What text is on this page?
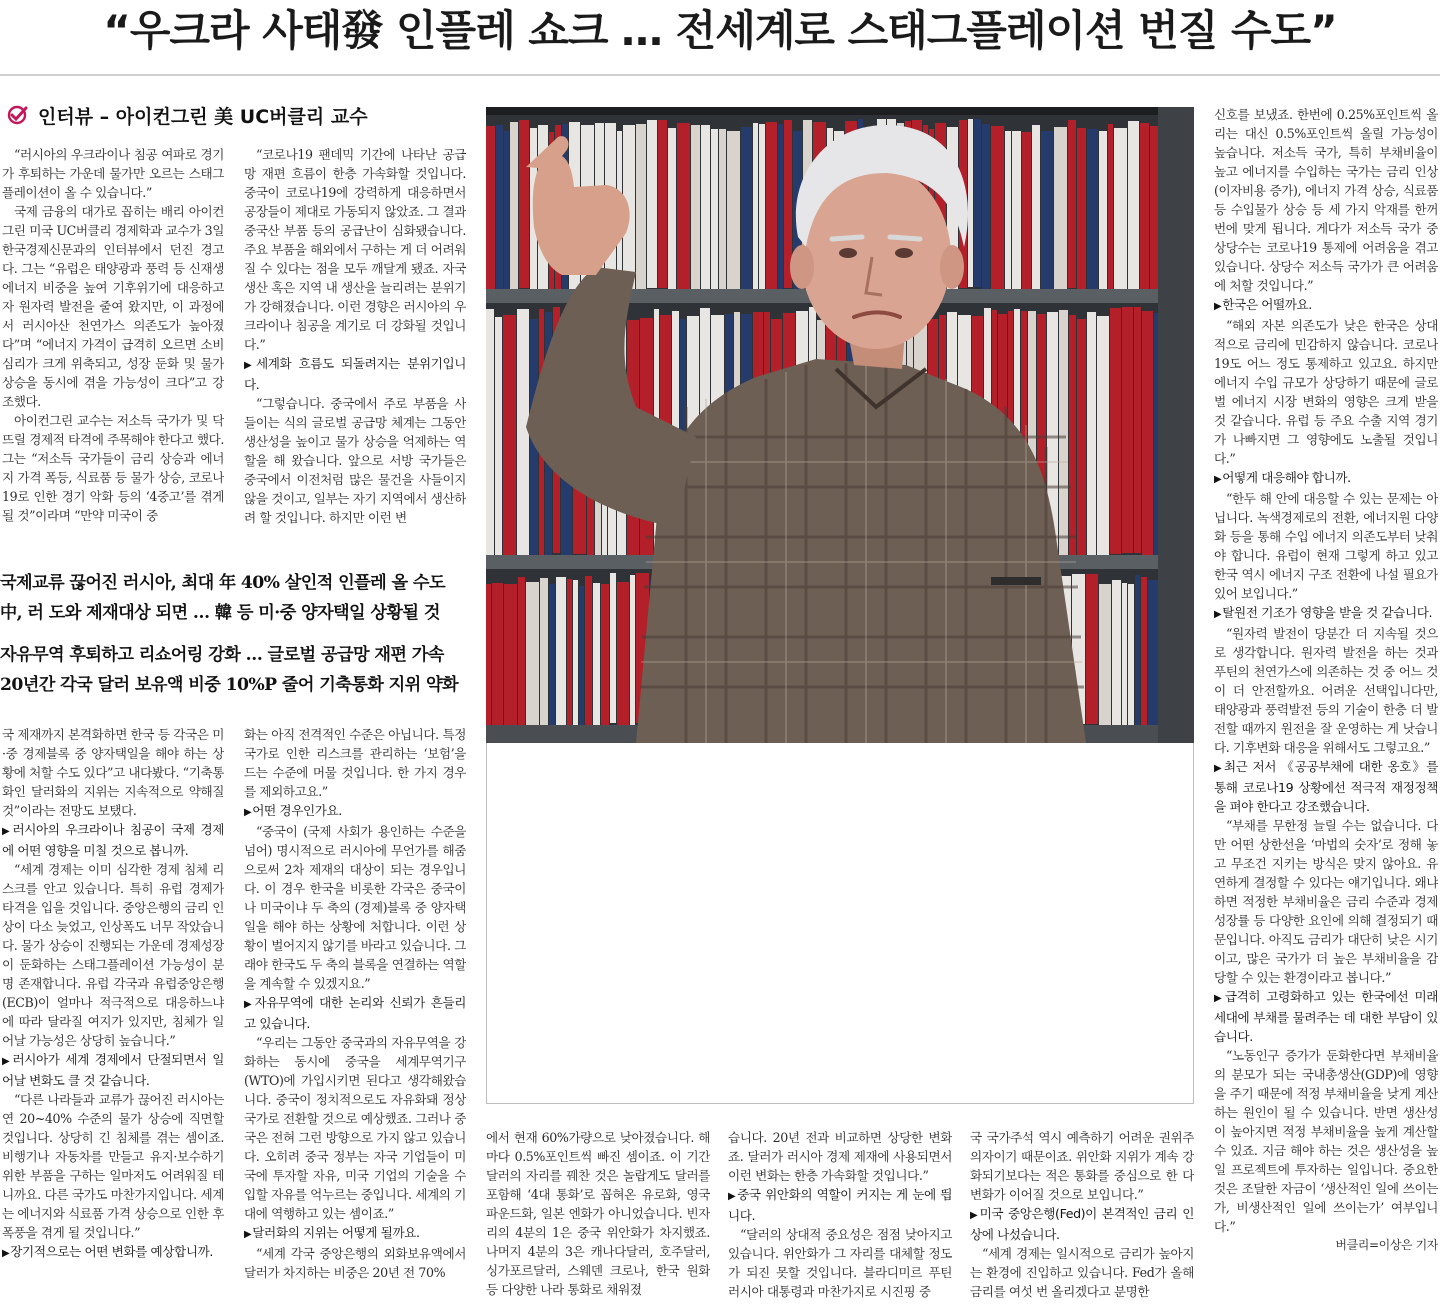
“우크라 사태發 인플레 쇼크 … 전세계로 스태그플레이션 번질 수도”
인터뷰 – 아이컨그린 美 UC버클리 교수

“러시아의 우크라이나 침공 여파로 경기가 후퇴하는 가운데 물가만 오르는 스태그플레이션이 올 수 있습니다.”

국제 금융의 대가로 꼽히는 배리 아이컨그린 미국 UC버클리 경제학과 교수가 3일 한국경제신문과의 인터뷰에서 던진 경고다. 그는 “유럽은 태양광과 풍력 등 신재생에너지 비중을 높여 기후위기에 대응하고자 원자력 발전을 줄여 왔지만, 이 과정에서 러시아산 천연가스 의존도가 높아졌다”며 “에너지 가격이 급격히 오르면 소비심리가 크게 위축되고, 성장 둔화 및 물가 상승을 동시에 겪을 가능성이 크다”고 강조했다.

아이컨그린 교수는 저소득 국가가 및 닥뜨릴 경제적 타격에 주목해야 한다고 했다. 그는 “저소득 국가들이 금리 상승과 에너지 가격 폭등, 식료품 등 물가 상승, 코로나19로 인한 경기 악화 등의 ‘4중고’를 겪게 될 것”이라며 “만약 미국이 중

“코로나19 팬데믹 기간에 나타난 공급망 재편 흐름이 한층 가속화할 것입니다. 중국이 코로나19에 강력하게 대응하면서 공장들이 제대로 가동되지 않았죠. 그 결과 중국산 부품 등의 공급난이 심화됐습니다. 주요 부품을 해외에서 구하는 게 더 어려워질 수 있다는 점을 모두 깨달게 됐죠. 자국 생산 혹은 지역 내 생산을 늘리려는 분위기가 강해졌습니다. 이런 경향은 러시아의 우크라이나 침공을 계기로 더 강화될 것입니다.”

▶ 세계화 흐름도 되돌려지는 분위기입니다.

“그렇습니다. 중국에서 주로 부품을 사들이는 식의 글로벌 공급망 체계는 그동안 생산성을 높이고 물가 상승을 억제하는 역할을 해 왔습니다. 앞으로 서방 국가들은 중국에서 이전처럼 많은 물건을 사들이지 않을 것이고, 일부는 자기 지역에서 생산하려 할 것입니다. 하지만 이런 변

국제교류 끊어진 러시아, 최대 年 40% 살인적 인플레 올 수도
中, 러 도와 제재대상 되면 … 韓 등 미·중 양자택일 상황될 것
자유무역 후퇴하고 리쇼어링 강화 … 글로벌 공급망 재편 가속
20년간 각국 달러 보유액 비중 10%P 줄어 기축통화 지위 약화

국 제재까지 본격화하면 한국 등 각국은 미·중 경제블록 중 양자택일을 해야 하는 상황에 처할 수도 있다”고 내다봤다. “기축통화인 달러화의 지위는 지속적으로 약해질 것”이라는 전망도 보탰다.

▶ 러시아의 우크라이나 침공이 국제 경제에 어떤 영향을 미칠 것으로 봅니까.

“세계 경제는 이미 심각한 경제 침체 리스크를 안고 있습니다. 특히 유럽 경제가 타격을 입을 것입니다. 중앙은행의 금리 인상이 다소 늦었고, 인상폭도 너무 작았습니다. 물가 상승이 진행되는 가운데 경제성장이 둔화하는 스태그플레이션 가능성이 분명 존재합니다. 유럽 각국과 유럽중앙은행(ECB)이 얼마나 적극적으로 대응하느냐에 따라 달라질 여지가 있지만, 침체가 일어날 가능성은 상당히 높습니다.”

▶ 러시아가 세계 경제에서 단절되면서 일어날 변화도 클 것 같습니다.

“다른 나라들과 교류가 끊어진 러시아는 연 20~40% 수준의 물가 상승에 직면할 것입니다. 상당히 긴 침체를 겪는 셈이죠. 비행기나 자동차를 만들고 유지·보수하기 위한 부품을 구하는 일마저도 어려워질 테니까요. 다른 국가도 마찬가지입니다. 세계는 에너지와 식료품 가격 상승으로 인한 후폭풍을 겪게 될 것입니다.”

▶ 장기적으로는 어떤 변화를 예상합니까.

화는 아직 전격적인 수준은 아닙니다. 특정 국가로 인한 리스크를 관리하는 ‘보험’을 드는 수준에 머물 것입니다. 한 가지 경우를 제외하고요.”

▶ 어떤 경우인가요.

“중국이 (국제 사회가 용인하는 수준을 넘어) 명시적으로 러시아에 무언가를 해줌으로써 2차 제재의 대상이 되는 경우입니다. 이 경우 한국을 비롯한 각국은 중국이나 미국이냐 두 축의 (경제)블록 중 양자택일을 해야 하는 상황에 처합니다. 이런 상황이 벌어지지 않기를 바라고 있습니다. 그래야 한국도 두 축의 블록을 연결하는 역할을 계속할 수 있겠지요.”

▶ 자유무역에 대한 논리와 신뢰가 흔들리고 있습니다.

“우리는 그동안 중국과의 자유무역을 강화하는 동시에 중국을 세계무역기구(WTO)에 가입시키면 된다고 생각해왔습니다. 중국이 정치적으로도 자유화돼 정상국가로 전환할 것으로 예상했죠. 그러나 중국은 전혀 그런 방향으로 가지 않고 있습니다. 오히려 중국 정부는 자국 기업들이 미국에 투자할 자유, 미국 기업의 기술을 수입할 자유를 억누르는 중입니다. 세계의 기대에 역행하고 있는 셈이죠.”

▶ 달러화의 지위는 어떻게 될까요.

“세계 각국 중앙은행의 외화보유액에서 달러가 차지하는 비중은 20년 전 70%

에서 현재 60%가량으로 낮아졌습니다. 해마다 0.5%포인트씩 빠진 셈이죠. 이 기간 달러의 자리를 꿰찬 것은 놀랍게도 달러를 포함해 ‘4대 통화’로 꼽혀온 유로화, 영국 파운드화, 일본 엔화가 아니었습니다. 빈자리의 4분의 1은 중국 위안화가 차지했죠. 나머지 4분의 3은 캐나다달러, 호주달러, 싱가포르달러, 스웨덴 크로나, 한국 원화 등 다양한 나라 통화로 채워졌

습니다. 20년 전과 비교하면 상당한 변화죠. 달러가 러시아 경제 제재에 사용되면서 이런 변화는 한층 가속화할 것입니다.”

▶ 중국 위안화의 역할이 커지는 게 눈에 띕니다.

“달러의 상대적 중요성은 점점 낮아지고 있습니다. 위안화가 그 자리를 대체할 정도가 되진 못할 것입니다. 블라디미르 푸틴 러시아 대통령과 마찬가지로 시진핑 중

국 국가주석 역시 예측하기 어려운 권위주의자이기 때문이죠. 위안화 지위가 계속 강화되기보다는 적은 통화를 중심으로 한 다변화가 이어질 것으로 보입니다.”

▶ 미국 중앙은행(Fed)이 본격적인 금리 인상에 나섰습니다.

“세계 경제는 일시적으로 금리가 높아지는 환경에 진입하고 있습니다. Fed가 올해 금리를 여섯 번 올리겠다고 분명한

신호를 보냈죠. 한번에 0.25%포인트씩 올리는 대신 0.5%포인트씩 올릴 가능성이 높습니다. 저소득 국가, 특히 부채비율이 높고 에너지를 수입하는 국가는 금리 인상(이자비용 증가), 에너지 가격 상승, 식료품 등 수입물가 상승 등 세 가지 악재를 한꺼번에 맞게 됩니다. 게다가 저소득 국가 중 상당수는 코로나19 통제에 어려움을 겪고 있습니다. 상당수 저소득 국가가 큰 어려움에 처할 것입니다.”

▶ 한국은 어떨까요.

“해외 자본 의존도가 낮은 한국은 상대적으로 금리에 민감하지 않습니다. 코로나19도 어느 정도 통제하고 있고요. 하지만 에너지 수입 규모가 상당하기 때문에 글로벌 에너지 시장 변화의 영향은 크게 받을 것 같습니다. 유럽 등 주요 수출 지역 경기가 나빠지면 그 영향에도 노출될 것입니다.”

▶ 어떻게 대응해야 합니까.

“한두 해 안에 대응할 수 있는 문제는 아닙니다. 녹색경제로의 전환, 에너지원 다양화 등을 통해 수입 에너지 의존도부터 낮춰야 합니다. 유럽이 현재 그렇게 하고 있고 한국 역시 에너지 구조 전환에 나설 필요가 있어 보입니다.”

▶ 탈원전 기조가 영향을 받을 것 같습니다.

“원자력 발전이 당분간 더 지속될 것으로 생각합니다. 원자력 발전을 하는 것과 푸틴의 천연가스에 의존하는 것 중 어느 것이 더 안전할까요. 어려운 선택입니다만, 태양광과 풍력발전 등의 기술이 한층 더 발전할 때까지 원전을 잘 운영하는 게 낫습니다. 기후변화 대응을 위해서도 그렇고요.”

▶ 최근 저서 《공공부채에 대한 옹호》를 통해 코로나19 상황에선 적극적 재정정책을 펴야 한다고 강조했습니다.

“부채를 무한정 늘릴 수는 없습니다. 다만 어떤 상한선을 ‘마법의 숫자’로 정해 놓고 무조건 지키는 방식은 맞지 않아요. 유연하게 결정할 수 있다는 얘기입니다. 왜냐하면 적정한 부채비율은 금리 수준과 경제성장률 등 다양한 요인에 의해 결정되기 때문입니다. 아직도 금리가 대단히 낮은 시기이고, 많은 국가가 더 높은 부채비율을 감당할 수 있는 환경이라고 봅니다.”

▶ 급격히 고령화하고 있는 한국에선 미래 세대에 부채를 물려주는 데 대한 부담이 있습니다.

“노동인구 증가가 둔화한다면 부채비율의 분모가 되는 국내총생산(GDP)에 영향을 주기 때문에 적정 부채비율을 낮게 계산하는 원인이 될 수 있습니다. 반면 생산성이 높아지면 적정 부채비율을 높게 계산할 수 있죠. 지금 해야 하는 것은 생산성을 높일 프로젝트에 투자하는 일입니다. 중요한 것은 조달한 자금이 ‘생산적인 일에 쓰이는가, 비생산적인 일에 쓰이는가’ 여부입니다.”

버클리=이상은 기자
